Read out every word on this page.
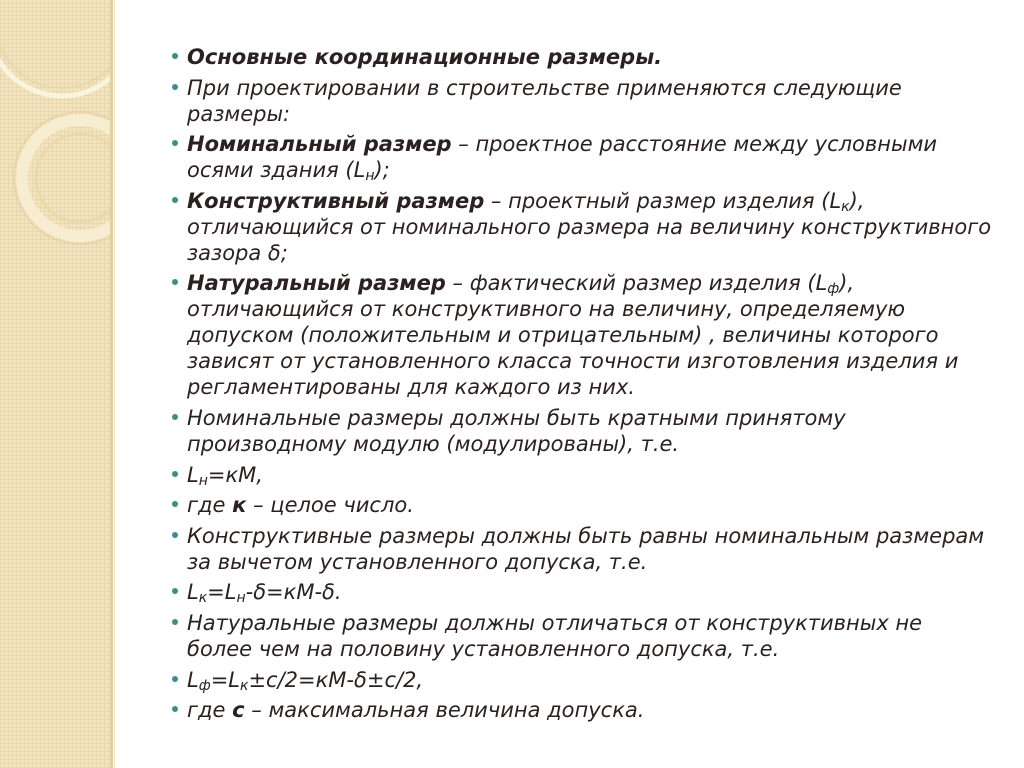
Основные координационные размеры.
При проектировании в строительстве применяются следующие размеры:
Номинальный размер – проектное расстояние между условными осями здания $(L_н)$;
Конструктивный размер – проектный размер изделия $(L_к)$, отличающийся от номинального размера на величину конструктивного зазора δ;
Натуральный размер – фактический размер изделия $(L_ф)$, отличающийся от конструктивного на величину, определяемую допуском (положительным и отрицательным) , величины которого зависят от установленного класса точности изготовления изделия и регламентированы для каждого из них.
Номинальные размеры должны быть кратными принятому производному модулю (модулированы), т.е.
$L_н=кМ$,
где к – целое число.
Конструктивные размеры должны быть равны номинальным размерам за вычетом установленного допуска, т.е.
$L_к=L_н-\delta=кМ-\delta$.
Натуральные размеры должны отличаться от конструктивных не более чем на половину установленного допуска, т.е.
$L_ф=L_к\pm с/2=кМ-\delta\pm с/2$,
где с – максимальная величина допуска.
